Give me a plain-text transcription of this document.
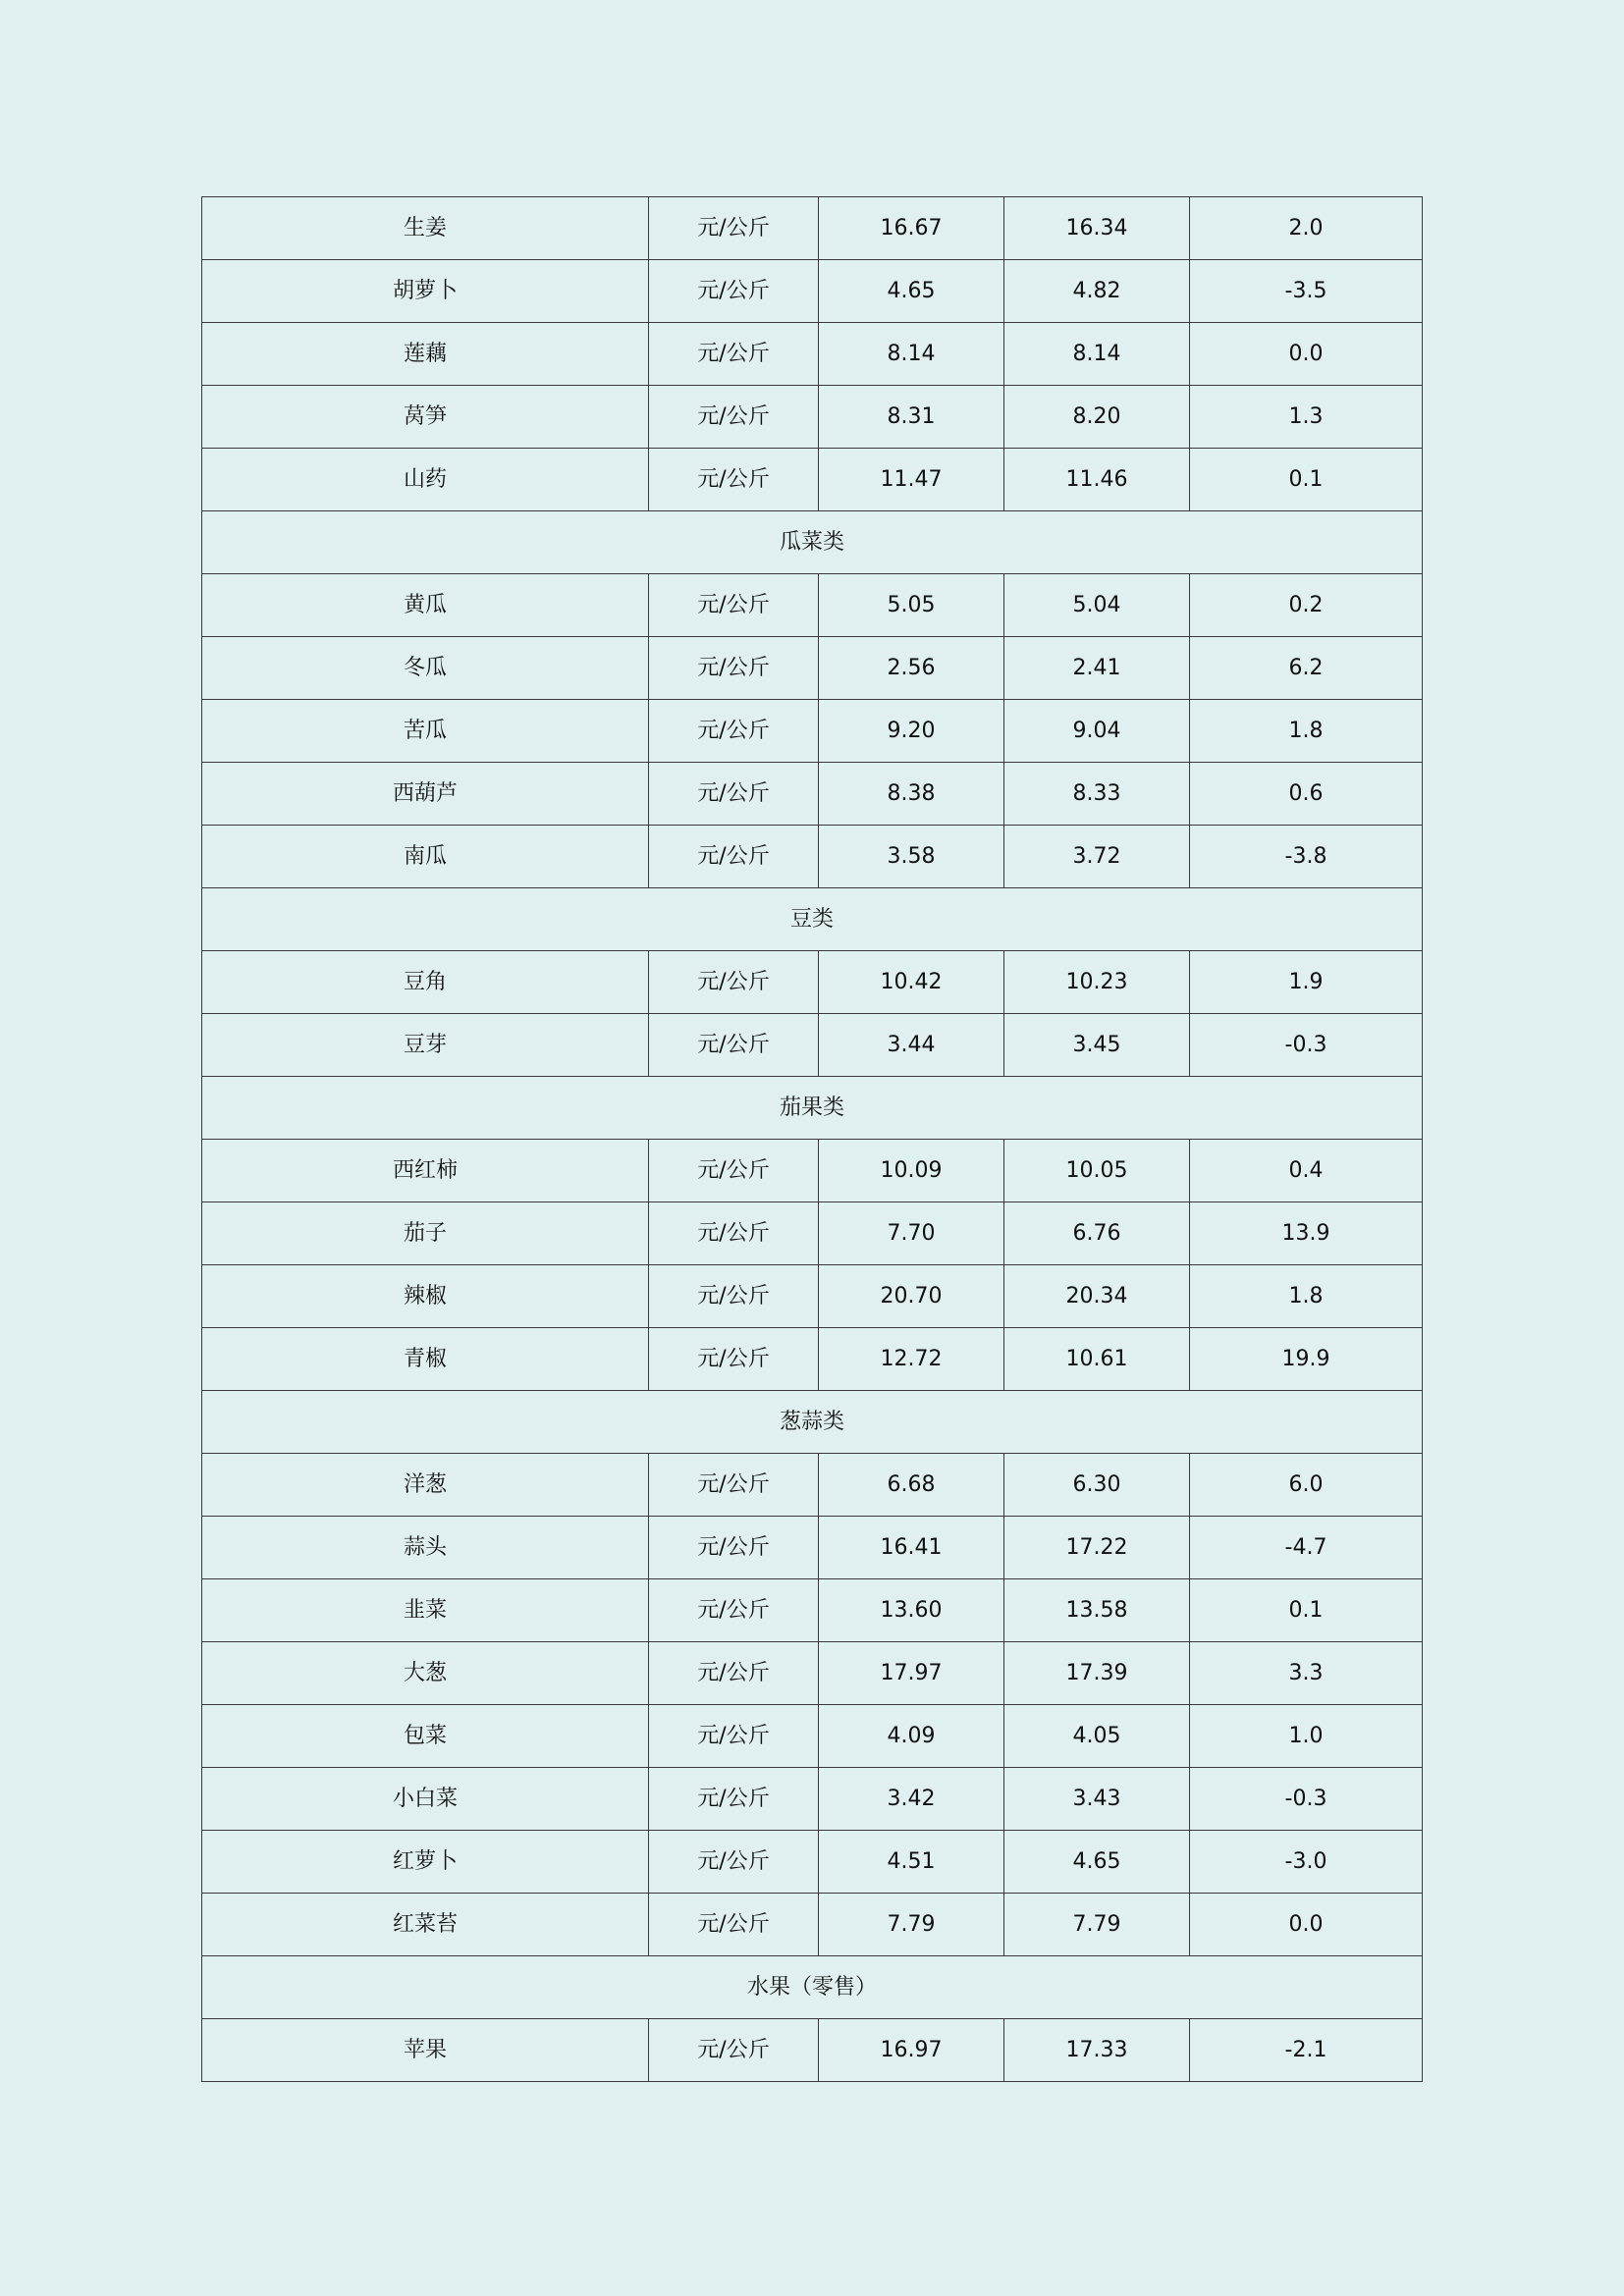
生姜	元/公斤	16.67	16.34	2.0
胡萝卜	元/公斤	4.65	4.82	-3.5
莲藕	元/公斤	8.14	8.14	0.0
莴笋	元/公斤	8.31	8.20	1.3
山药	元/公斤	11.47	11.46	0.1
瓜菜类				
黄瓜	元/公斤	5.05	5.04	0.2
冬瓜	元/公斤	2.56	2.41	6.2
苦瓜	元/公斤	9.20	9.04	1.8
西葫芦	元/公斤	8.38	8.33	0.6
南瓜	元/公斤	3.58	3.72	-3.8
豆类				
豆角	元/公斤	10.42	10.23	1.9
豆芽	元/公斤	3.44	3.45	-0.3
茄果类				
西红柿	元/公斤	10.09	10.05	0.4
茄子	元/公斤	7.70	6.76	13.9
辣椒	元/公斤	20.70	20.34	1.8
青椒	元/公斤	12.72	10.61	19.9
葱蒜类				
洋葱	元/公斤	6.68	6.30	6.0
蒜头	元/公斤	16.41	17.22	-4.7
韭菜	元/公斤	13.60	13.58	0.1
大葱	元/公斤	17.97	17.39	3.3
包菜	元/公斤	4.09	4.05	1.0
小白菜	元/公斤	3.42	3.43	-0.3
红萝卜	元/公斤	4.51	4.65	-3.0
红菜苔	元/公斤	7.79	7.79	0.0
水果（零售）				
苹果	元/公斤	16.97	17.33	-2.1
